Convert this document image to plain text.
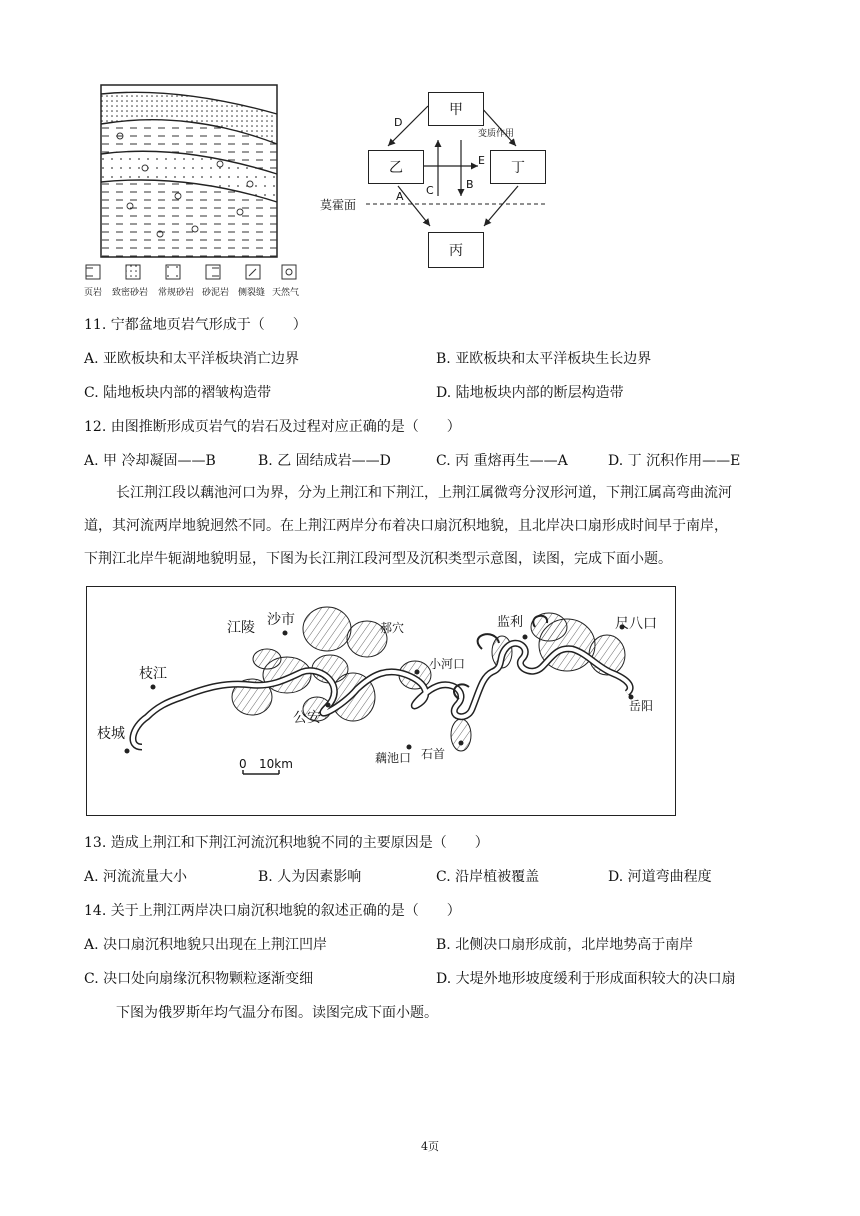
页岩 致密砂岩 常规砂岩 砂泥岩 侧裂缝 天然气
甲
乙	丁
丙
D
A C	B
E
变质作用
莫霍面
11. 宁都盆地页岩气形成于（　　）
A. 亚欧板块和太平洋板块消亡边界	B. 亚欧板块和太平洋板块生长边界
C. 陆地板块内部的褶皱构造带	D. 陆地板块内部的断层构造带
12. 由图推断形成页岩气的岩石及过程对应正确的是（　　）
A. 甲 冷却凝固——B	B. 乙 固结成岩——D	C. 丙 重熔再生——A	D. 丁 沉积作用——E
长江荆江段以藕池河口为界，分为上荆江和下荆江，上荆江属微弯分汊形河道，下荆江属高弯曲流河
道，其河流两岸地貌迥然不同。在上荆江两岸分布着决口扇沉积地貌，且北岸决口扇形成时间早于南岸，
下荆江北岸牛轭湖地貌明显，下图为长江荆江段河型及沉积类型示意图，读图，完成下面小题。
江陵 沙市	郝穴	监利	尺八口
枝江
小河口
公安
岳阳
枝城
藕池口 石首
0 10km
13. 造成上荆江和下荆江河流沉积地貌不同的主要原因是（　　）
A. 河流流量大小	B. 人为因素影响	C. 沿岸植被覆盖	D. 河道弯曲程度
14. 关于上荆江两岸决口扇沉积地貌的叙述正确的是（　　）
A. 决口扇沉积地貌只出现在上荆江凹岸	B. 北侧决口扇形成前，北岸地势高于南岸
C. 决口处向扇缘沉积物颗粒逐渐变细	D. 大堤外地形坡度缓利于形成面积较大的决口扇
下图为俄罗斯年均气温分布图。读图完成下面小题。
4页
